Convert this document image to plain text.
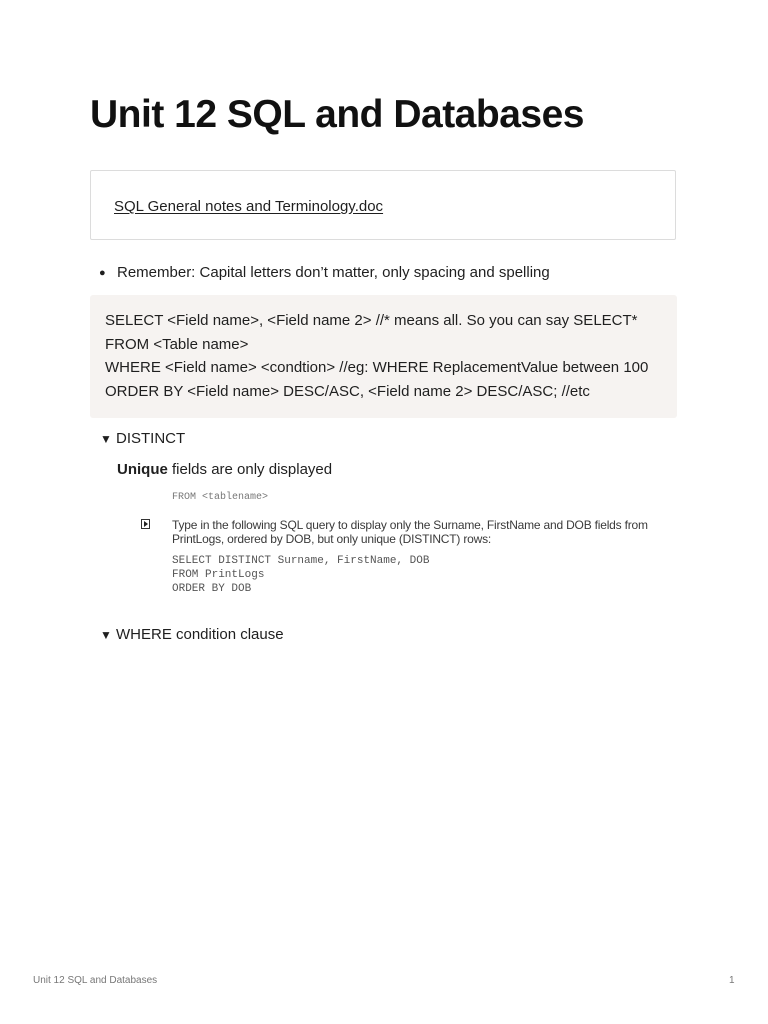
Unit 12 SQL and Databases
SQL General notes and Terminology.doc
● Remember: Capital letters don’t matter, only spacing and spelling
SELECT <Field name>, <Field name 2> //* means all. So you can say SELECT*
FROM <Table name>
WHERE <Field name> <condtion> //eg: WHERE ReplacementValue between 100
ORDER BY <Field name> DESC/ASC, <Field name 2> DESC/ASC; //etc
▼ DISTINCT
Unique fields are only displayed
FROM <tablename>
Type in the following SQL query to display only the Surname, FirstName and DOB fields from PrintLogs, ordered by DOB, but only unique (DISTINCT) rows:
SELECT DISTINCT Surname, FirstName, DOB
FROM PrintLogs
ORDER BY DOB
▼ WHERE condition clause
Unit 12 SQL and Databases	1
